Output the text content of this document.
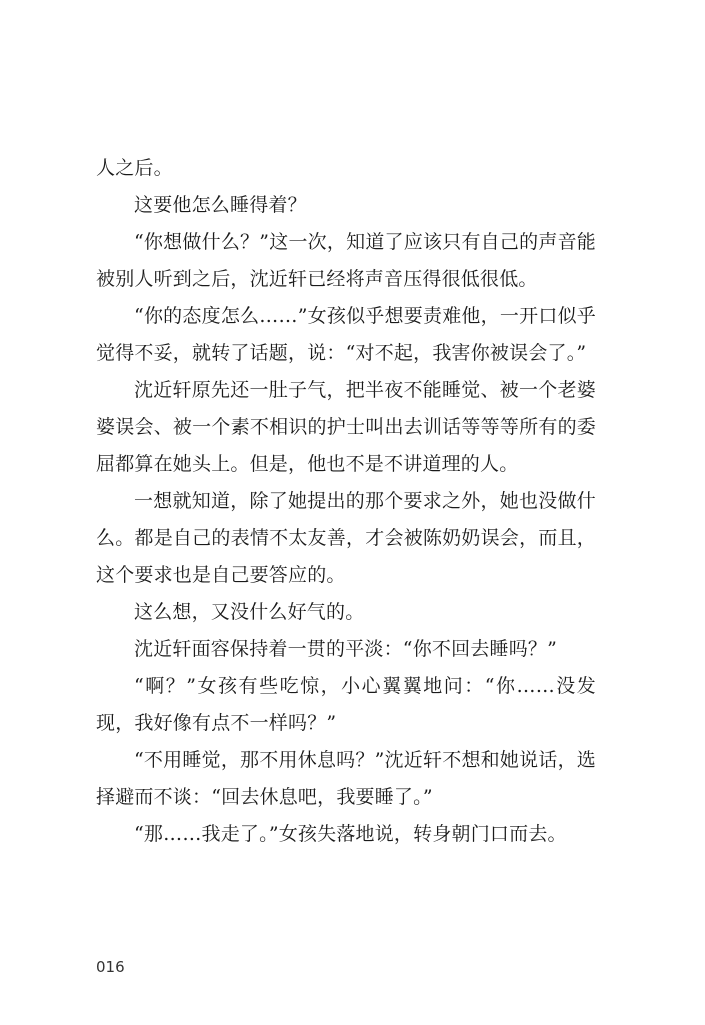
人之后。

这要他怎么睡得着？

“你想做什么？”这一次，知道了应该只有自己的声音能被别人听到之后，沈近轩已经将声音压得很低很低。

“你的态度怎么……”女孩似乎想要责难他，一开口似乎觉得不妥，就转了话题，说：“对不起，我害你被误会了。”

沈近轩原先还一肚子气，把半夜不能睡觉、被一个老婆婆误会、被一个素不相识的护士叫出去训话等等等所有的委屈都算在她头上。但是，他也不是不讲道理的人。

一想就知道，除了她提出的那个要求之外，她也没做什么。都是自己的表情不太友善，才会被陈奶奶误会，而且，这个要求也是自己要答应的。

这么想，又没什么好气的。

沈近轩面容保持着一贯的平淡：“你不回去睡吗？”

“啊？”女孩有些吃惊，小心翼翼地问：“你……没发现，我好像有点不一样吗？”

“不用睡觉，那不用休息吗？”沈近轩不想和她说话，选择避而不谈：“回去休息吧，我要睡了。”

“那……我走了。”女孩失落地说，转身朝门口而去。

016
